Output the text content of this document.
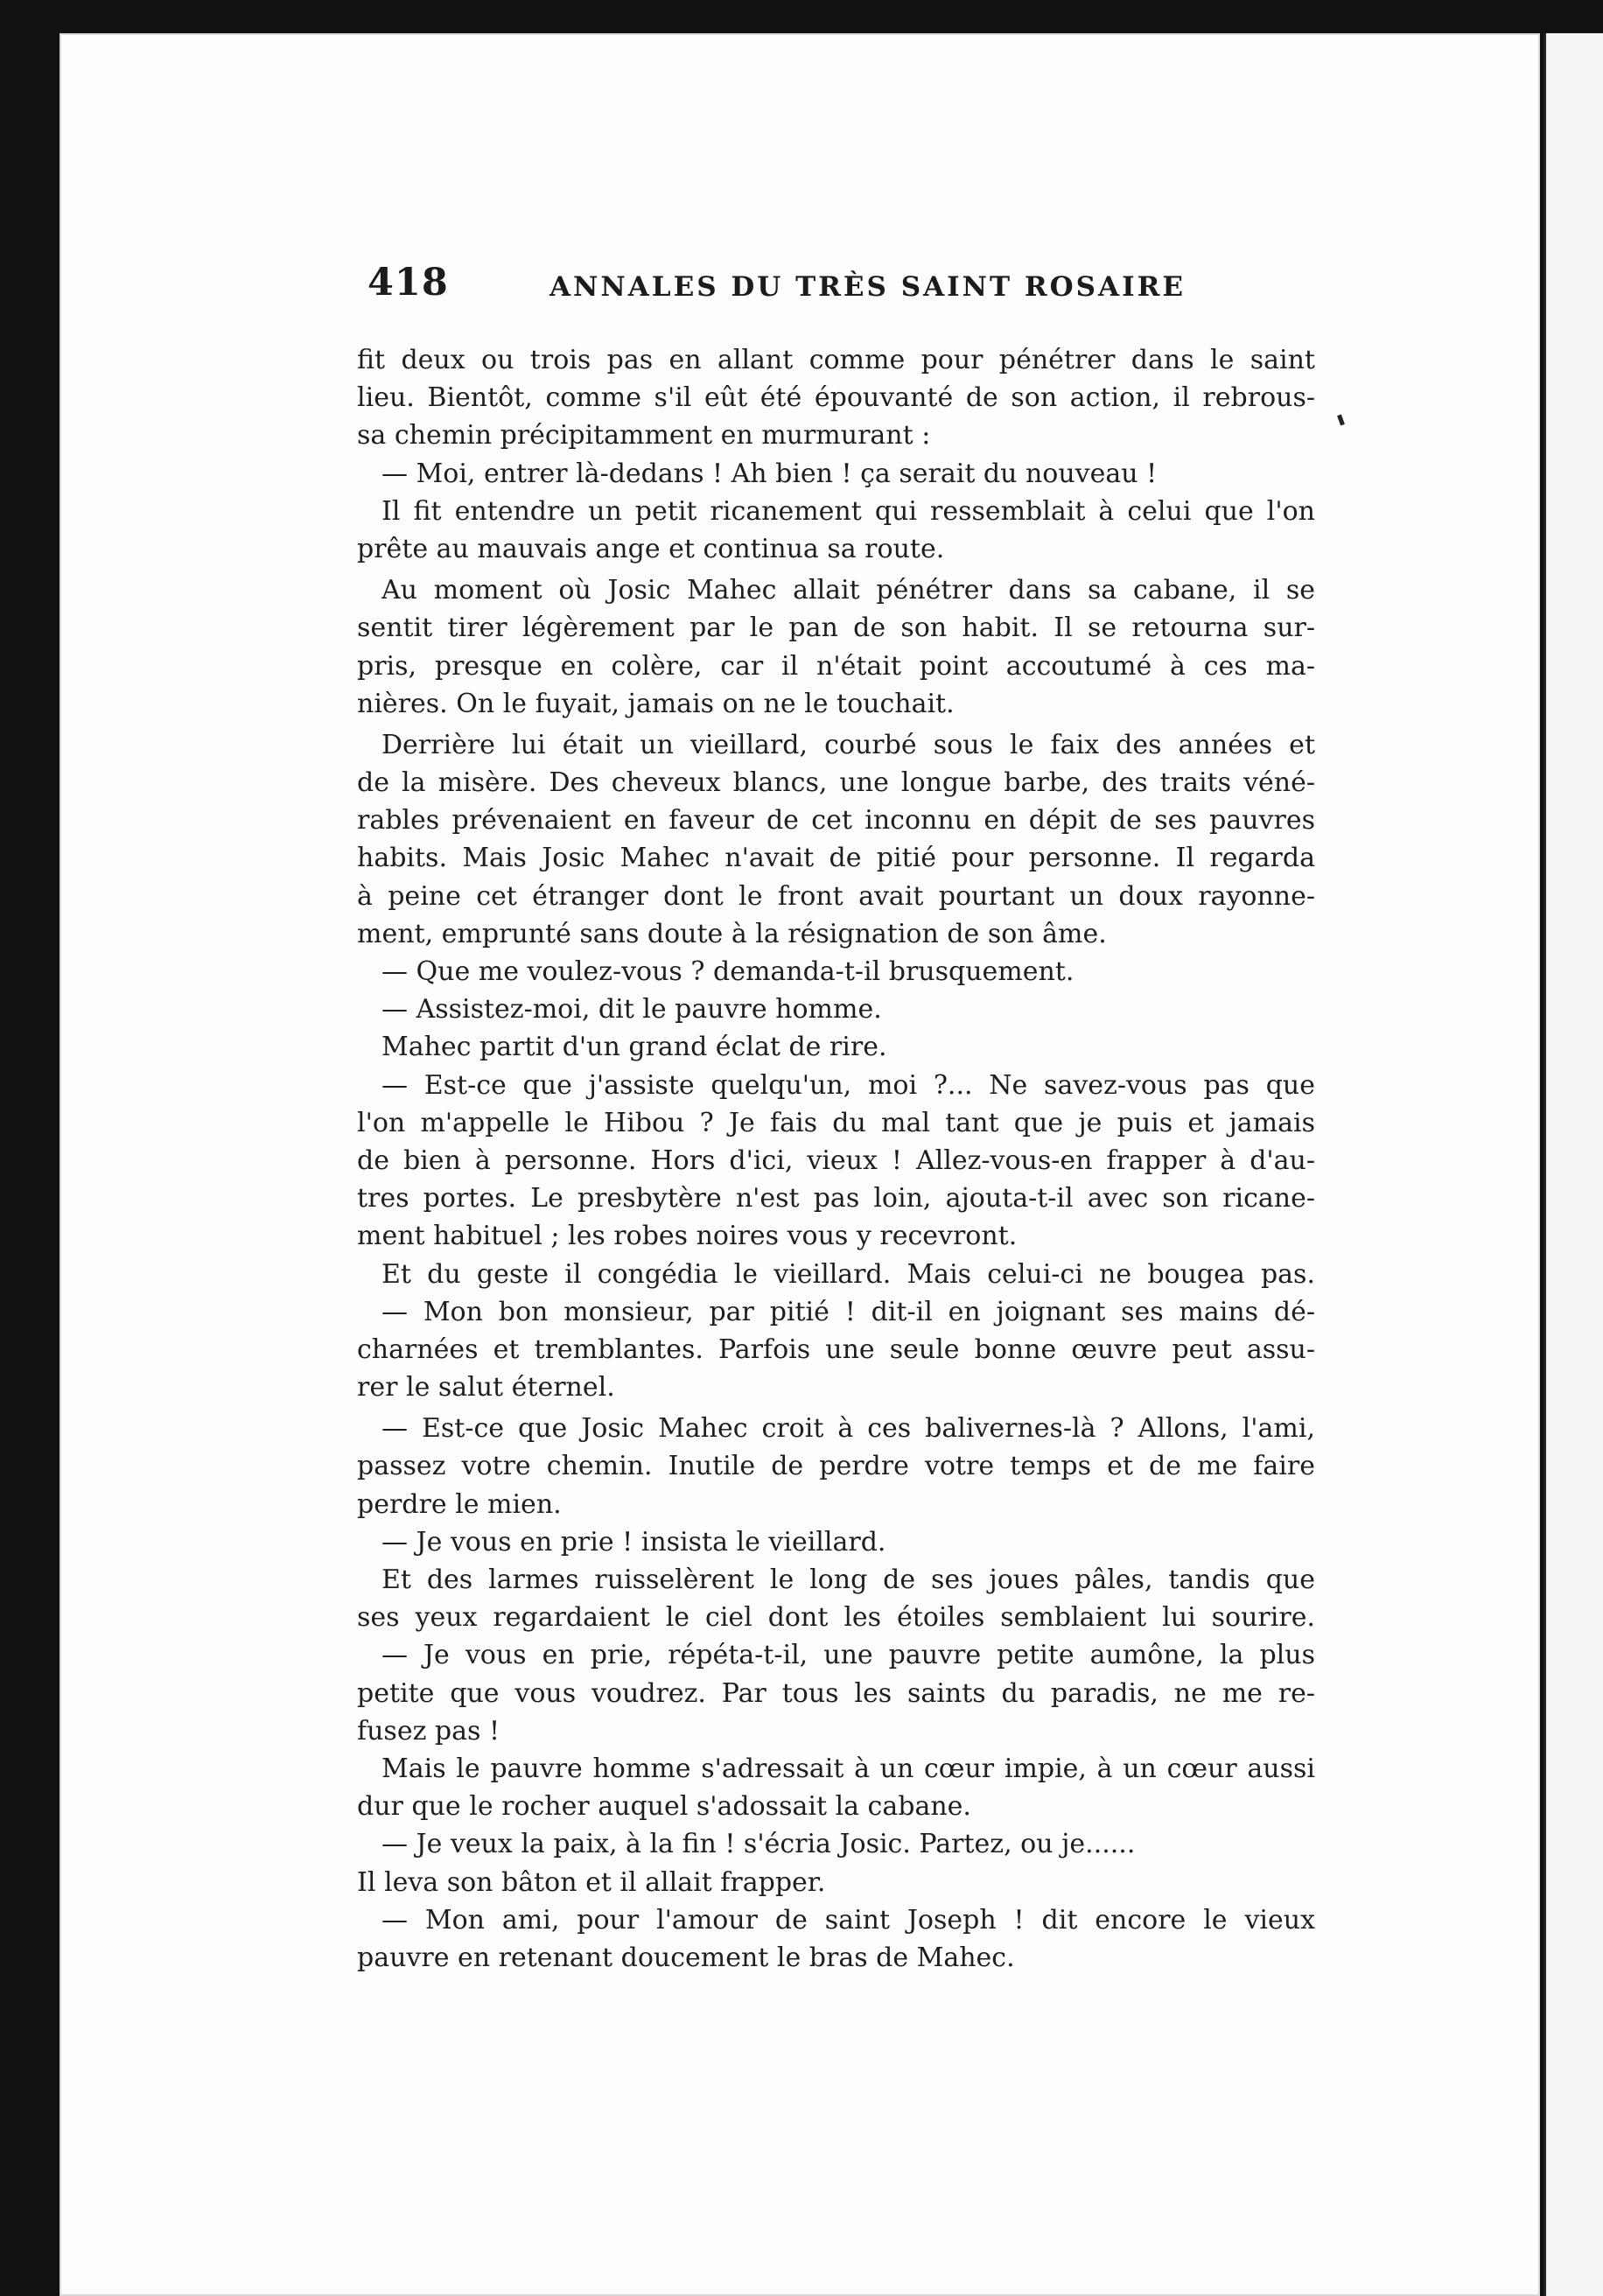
418	ANNALES DU TRÈS SAINT ROSAIRE
fit deux ou trois pas en allant comme pour pénétrer dans le saint
lieu. Bientôt, comme s'il eût été épouvanté de son action, il rebrous-
sa chemin précipitamment en murmurant :
— Moi, entrer là-dedans ! Ah bien ! ça serait du nouveau !
Il fit entendre un petit ricanement qui ressemblait à celui que l'on
prête au mauvais ange et continua sa route.
Au moment où Josic Mahec allait pénétrer dans sa cabane, il se
sentit tirer légèrement par le pan de son habit. Il se retourna sur-
pris, presque en colère, car il n'était point accoutumé à ces ma-
nières. On le fuyait, jamais on ne le touchait.
Derrière lui était un vieillard, courbé sous le faix des années et
de la misère. Des cheveux blancs, une longue barbe, des traits véné-
rables prévenaient en faveur de cet inconnu en dépit de ses pauvres
habits. Mais Josic Mahec n'avait de pitié pour personne. Il regarda
à peine cet étranger dont le front avait pourtant un doux rayonne-
ment, emprunté sans doute à la résignation de son âme.
— Que me voulez-vous ? demanda-t-il brusquement.
— Assistez-moi, dit le pauvre homme.
Mahec partit d'un grand éclat de rire.
— Est-ce que j'assiste quelqu'un, moi ?... Ne savez-vous pas que
l'on m'appelle le Hibou ? Je fais du mal tant que je puis et jamais
de bien à personne. Hors d'ici, vieux ! Allez-vous-en frapper à d'au-
tres portes. Le presbytère n'est pas loin, ajouta-t-il avec son ricane-
ment habituel ; les robes noires vous y recevront.
Et du geste il congédia le vieillard. Mais celui-ci ne bougea pas.
— Mon bon monsieur, par pitié ! dit-il en joignant ses mains dé-
charnées et tremblantes. Parfois une seule bonne œuvre peut assu-
rer le salut éternel.
— Est-ce que Josic Mahec croit à ces balivernes-là ? Allons, l'ami,
passez votre chemin. Inutile de perdre votre temps et de me faire
perdre le mien.
— Je vous en prie ! insista le vieillard.
Et des larmes ruisselèrent le long de ses joues pâles, tandis que
ses yeux regardaient le ciel dont les étoiles semblaient lui sourire.
— Je vous en prie, répéta-t-il, une pauvre petite aumône, la plus
petite que vous voudrez. Par tous les saints du paradis, ne me re-
fusez pas !
Mais le pauvre homme s'adressait à un cœur impie, à un cœur aussi
dur que le rocher auquel s'adossait la cabane.
— Je veux la paix, à la fin ! s'écria Josic. Partez, ou je......
Il leva son bâton et il allait frapper.
— Mon ami, pour l'amour de saint Joseph ! dit encore le vieux
pauvre en retenant doucement le bras de Mahec.
